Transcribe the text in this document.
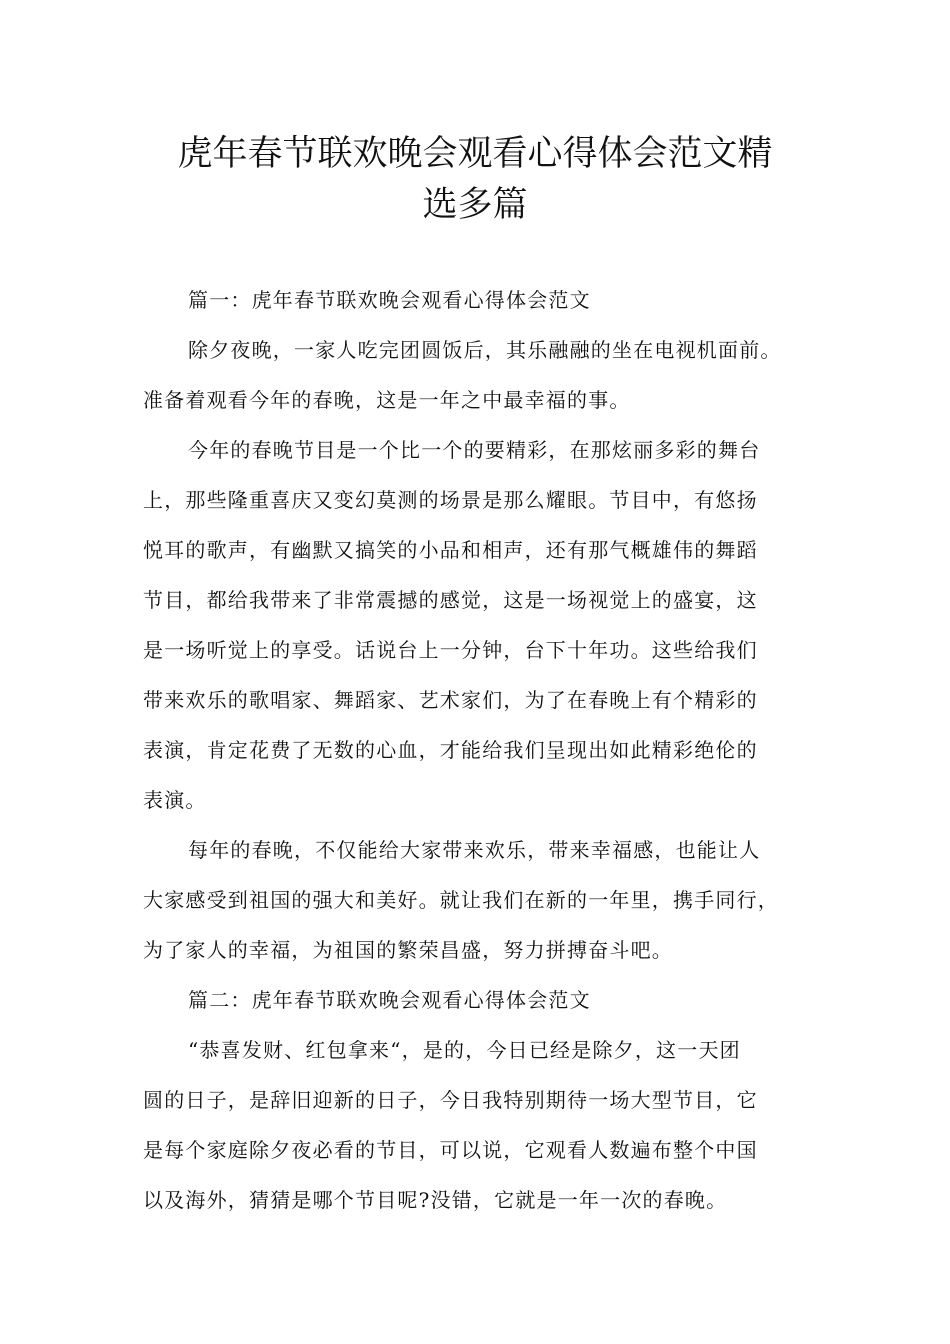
虎年春节联欢晚会观看心得体会范文精
选多篇
篇一：虎年春节联欢晚会观看心得体会范文
除夕夜晚，一家人吃完团圆饭后，其乐融融的坐在电视机面前。
准备着观看今年的春晚，这是一年之中最幸福的事。
今年的春晚节目是一个比一个的要精彩，在那炫丽多彩的舞台
上，那些隆重喜庆又变幻莫测的场景是那么耀眼。节目中，有悠扬
悦耳的歌声，有幽默又搞笑的小品和相声，还有那气概雄伟的舞蹈
节目，都给我带来了非常震撼的感觉，这是一场视觉上的盛宴，这
是一场听觉上的享受。话说台上一分钟，台下十年功。这些给我们
带来欢乐的歌唱家、舞蹈家、艺术家们，为了在春晚上有个精彩的
表演，肯定花费了无数的心血，才能给我们呈现出如此精彩绝伦的
表演。
每年的春晚，不仅能给大家带来欢乐，带来幸福感，也能让人
大家感受到祖国的强大和美好。就让我们在新的一年里，携手同行，
为了家人的幸福，为祖国的繁荣昌盛，努力拼搏奋斗吧。
篇二：虎年春节联欢晚会观看心得体会范文
“恭喜发财、红包拿来“，是的，今日已经是除夕，这一天团
圆的日子，是辞旧迎新的日子，今日我特别期待一场大型节目，它
是每个家庭除夕夜必看的节目，可以说，它观看人数遍布整个中国
以及海外，猜猜是哪个节目呢?没错，它就是一年一次的春晚。
